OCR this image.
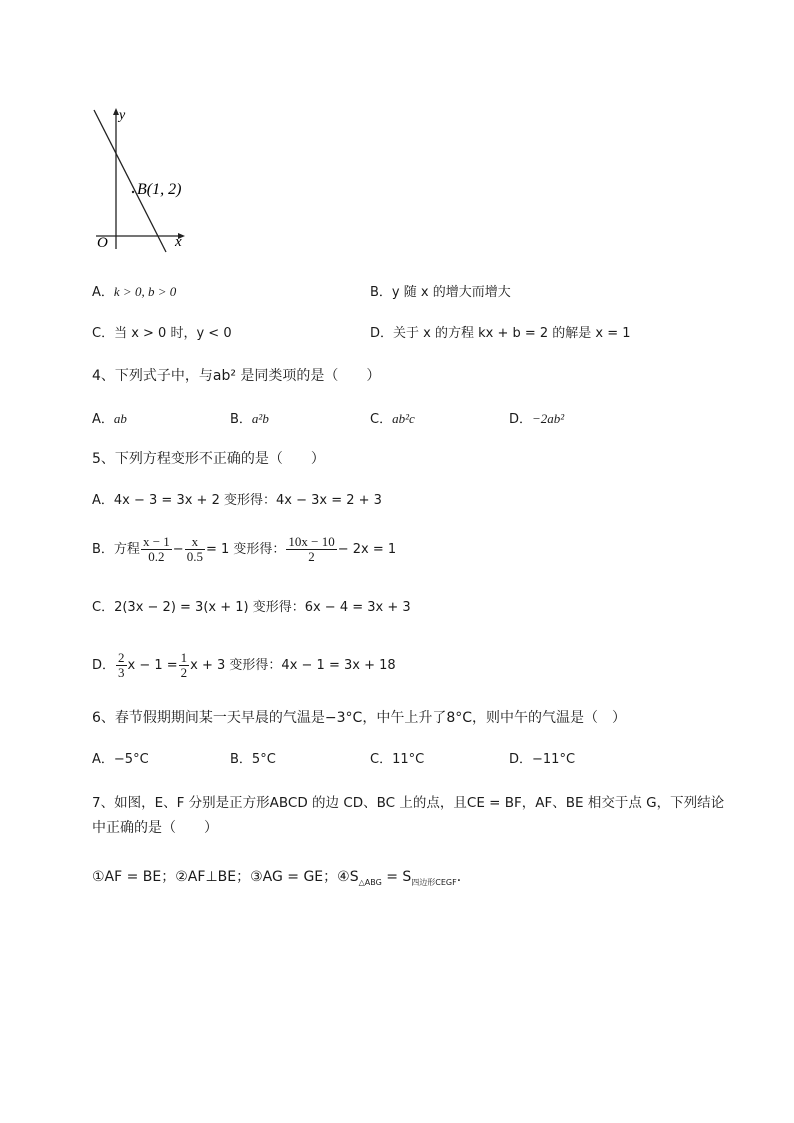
y
x
O
B(1, 2)
A．k > 0, b > 0	B．y 随 x 的增大而增大
C．当 x > 0 时，y < 0	D．关于 x 的方程 kx + b = 2 的解是 x = 1
4、下列式子中，与ab² 是同类项的是（　　）
A．ab	B．a²b	C．ab²c	D．−2ab²
5、下列方程变形不正确的是（　　）
A．4x − 3 = 3x + 2 变形得：4x − 3x = 2 + 3
B．方程 $\frac{x - 1}{0.2} - \frac{x}{0.5} = 1$ 变形得： $\frac{10x - 10}{2} - 2x = 1$
C．2(3x − 2) = 3(x + 1) 变形得：6x − 4 = 3x + 3
D． $\frac{2}{3}$ $x - 1 = \frac{1}{2}$ x + 3 变形得：4x − 1 = 3x + 18
6、春节假期期间某一天早晨的气温是−3°C，中午上升了8°C，则中午的气温是（　）
A．−5°C	B．5°C	C．11°C	D．−11°C
7、如图，E、F 分别是正方形ABCD 的边 CD、BC 上的点，且CE = BF，AF、BE 相交于点 G，下列结论
中正确的是（　　）
①AF = BE；②AF⊥BE；③AG = GE；$④S_{\triangle ABG} = S_{四边形CEGF}$．
